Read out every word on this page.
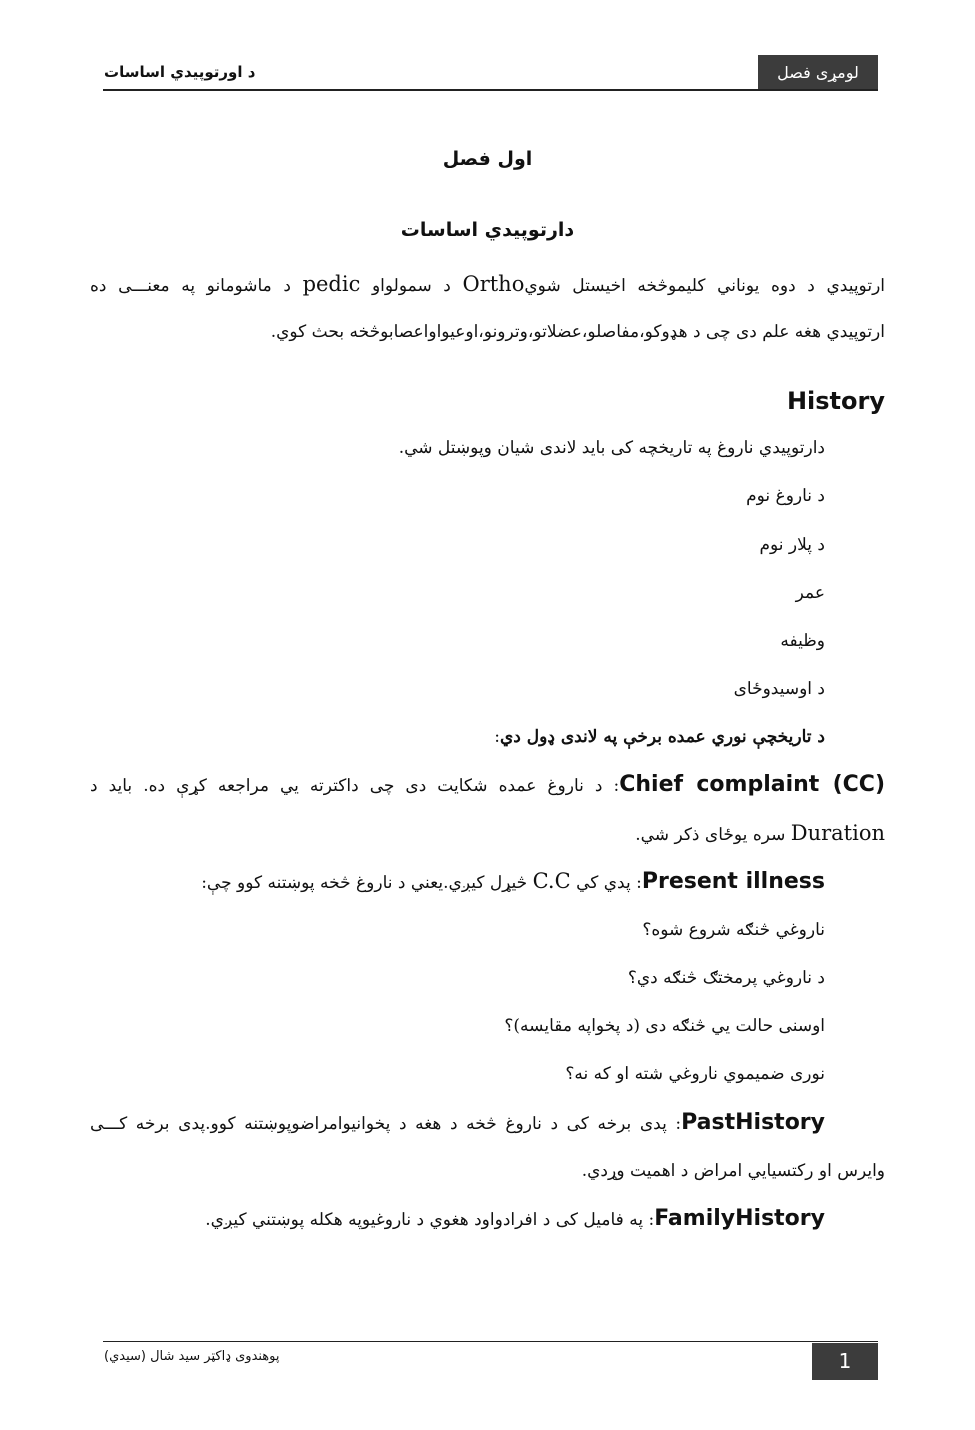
د اورتوپیدي اساسات	لومړی فصل
اول فصل
دارتوپیدي اساسات
ارتوپیدي د دوه یوناني کلیموڅخه اخیستل شويOrtho د سمولواو pedic د ماشومانو په معنـــی ده
ارتوپیدي هغه علم دی چی د هډوکو،مفاصلو،عضلاتو،وترونو،اوعیواواعصابوڅخه بحث کوي.
History
دارتوپیدي ناروغ په تاریخچه کی باید لاندی شیان وپوښتل شي.
د ناروغ نوم
د پلار نوم
عمر
وظیفه
د اوسیدوځای
د تاریخچې نوري عمده برخې په لاندی ډول دي:
Chief complaint (CC): د ناروغ عمده شکایت دی چی داکترته یي مراجعه کړې ده. باید د
Duration سره یوځای ذکر شي.
Present illness: پدي کي C.C څیړل کیږي.یعني د ناروغ څخه پوښتنه کوو چې:
ناروغي څنګه شروع شوه؟
د ناروغي پرمختګ څنګه دي؟
اوسنی حالت یي څنګه دی (د پخواپه مقایسه)؟
نوری ضمیموي ناروغي شته او که نه؟
PastHistory: پدی برخه کی د ناروغ څخه د هغه د پخوانیوامراضوپوښتنه کوو.پدی برخه کـــی
وایرس او رکتسیایي امراض د اهمیت وړدي.
FamilyHistory: په فامیل کی د افرادواود هغوي د ناروغیوپه هکله پوښتني کیږي.
پوهندوی ډاکټر سید شال (سیدي)	1
